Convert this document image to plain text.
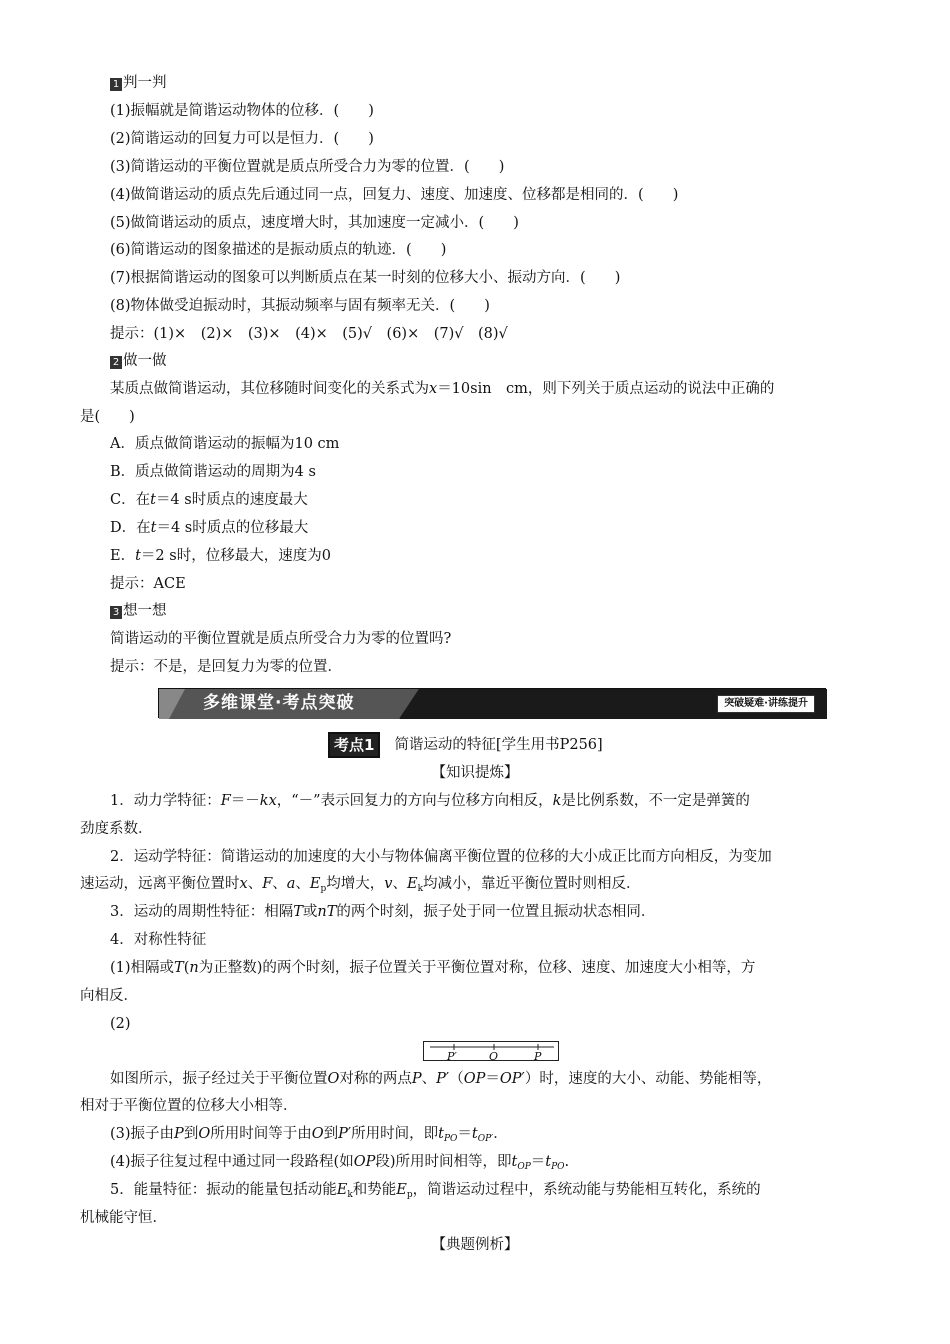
1 判一判
(1)振幅就是简谐运动物体的位移．(　　)
(2)简谐运动的回复力可以是恒力．(　　)
(3)简谐运动的平衡位置就是质点所受合力为零的位置．(　　)
(4)做简谐运动的质点先后通过同一点，回复力、速度、加速度、位移都是相同的．(　　)
(5)做简谐运动的质点，速度增大时，其加速度一定减小．(　　)
(6)简谐运动的图象描述的是振动质点的轨迹．(　　)
(7)根据简谐运动的图象可以判断质点在某一时刻的位移大小、振动方向．(　　)
(8)物体做受迫振动时，其振动频率与固有频率无关．(　　)
提示：(1)×　(2)×　(3)×　(4)×　(5)√　(6)×　(7)√　(8)√
2 做一做
某质点做简谐运动，其位移随时间变化的关系式为x＝10sin　cm，则下列关于质点运动的说法中正确的
是(　　)
A．质点做简谐运动的振幅为10 cm
B．质点做简谐运动的周期为4 s
C．在t＝4 s时质点的速度最大
D．在t＝4 s时质点的位移最大
E．t＝2 s时，位移最大，速度为0
提示：ACE
3 想一想
简谐运动的平衡位置就是质点所受合力为零的位置吗?
提示：不是，是回复力为零的位置．
多维课堂·考点突破	突破疑难·讲练提升
考点1 简谐运动的特征[学生用书P256]
【知识提炼】
1．动力学特征：F＝－kx，“－”表示回复力的方向与位移方向相反，k是比例系数，不一定是弹簧的
劲度系数．
2．运动学特征：简谐运动的加速度的大小与物体偏离平衡位置的位移的大小成正比而方向相反，为变加
速运动，远离平衡位置时x、F、a、$E_p$均增大，v、$E_k$均减小，靠近平衡位置时则相反．
3．运动的周期性特征：相隔T或nT的两个时刻，振子处于同一位置且振动状态相同．
4．对称性特征
(1)相隔或T(n为正整数)的两个时刻，振子位置关于平衡位置对称，位移、速度、加速度大小相等，方
向相反．
(2)
P′	O	P
如图所示，振子经过关于平衡位置O对称的两点P、P′（OP＝OP′）时，速度的大小、动能、势能相等，
相对于平衡位置的位移大小相等．
(3)振子由P到O所用时间等于由O到P′所用时间，即$t_{PO}=t_{OP'}$．
(4)振子往复过程中通过同一段路程(如OP段)所用时间相等，即$t_{OP}=t_{PO}$.
5．能量特征：振动的能量包括动能$E_k$和势能$E_p$，简谐运动过程中，系统动能与势能相互转化，系统的
机械能守恒．
【典题例析】
